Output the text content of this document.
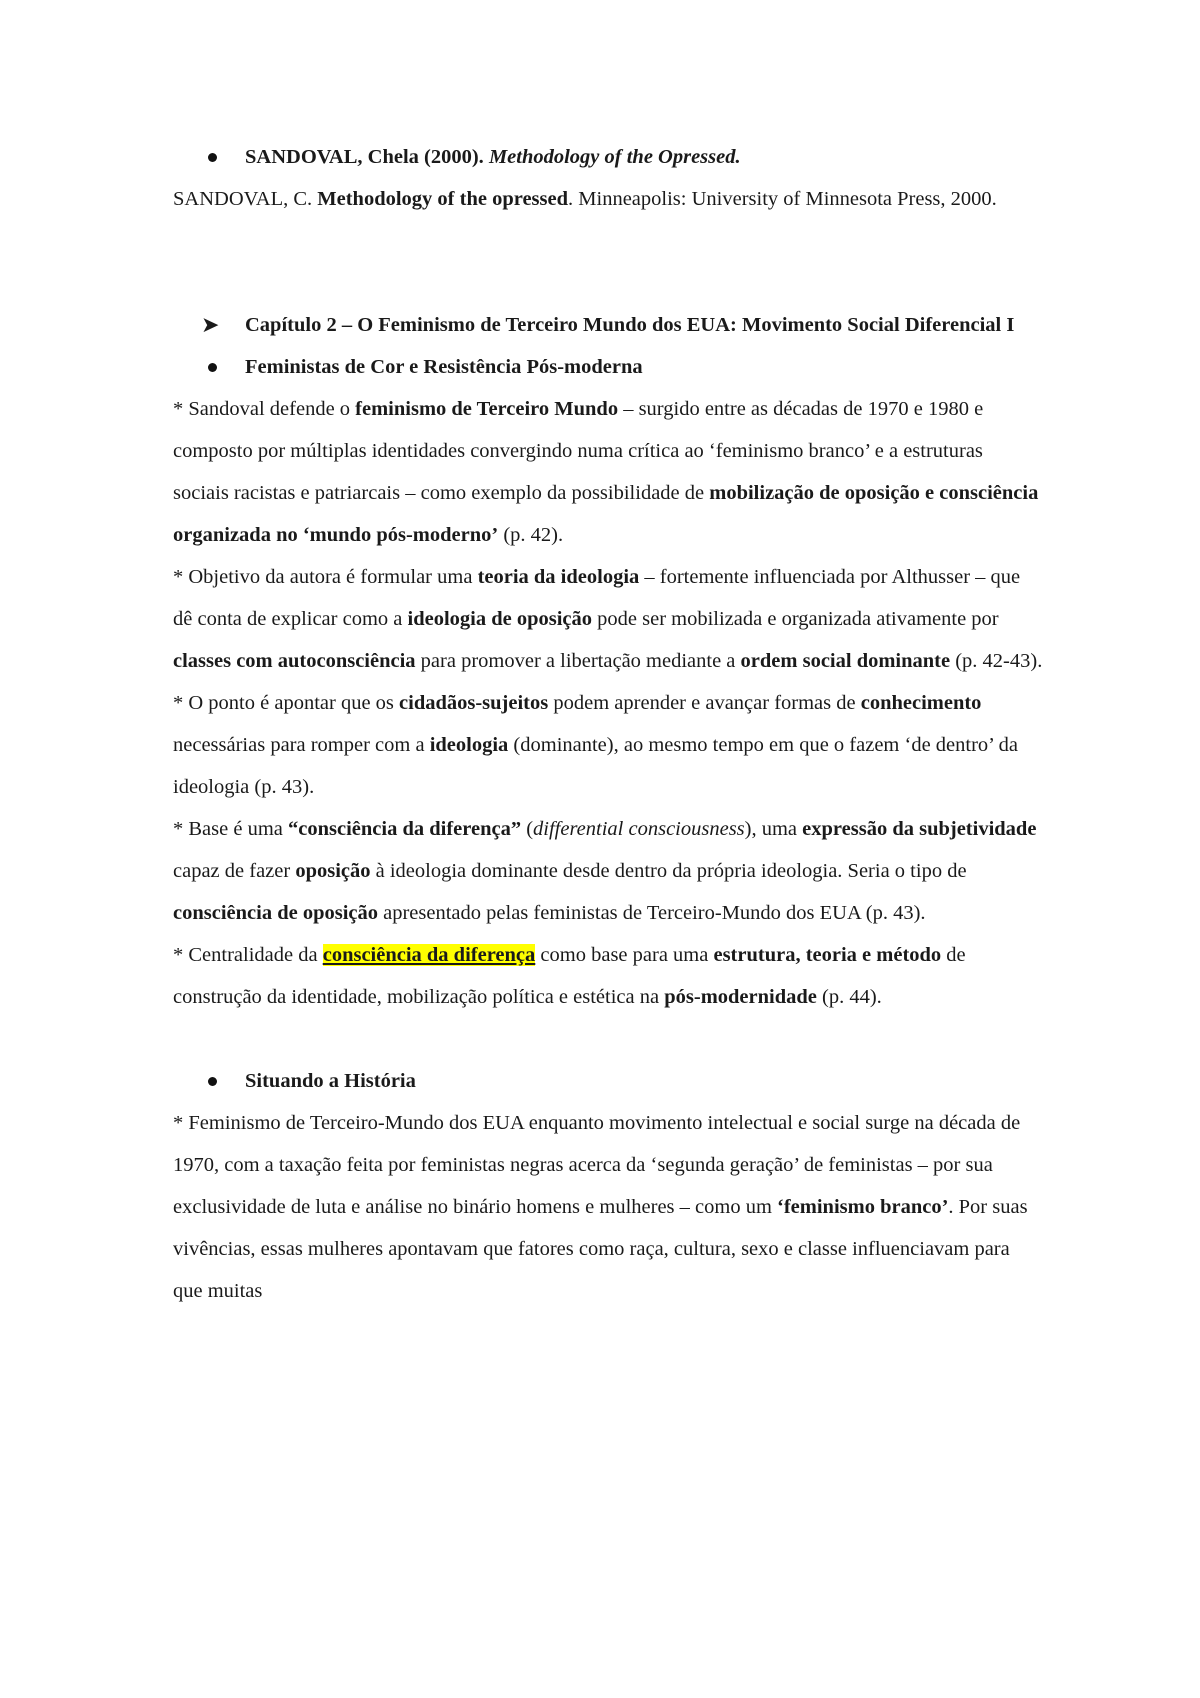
SANDOVAL, Chela (2000). Methodology of the Opressed.

SANDOVAL, C. Methodology of the opressed. Minneapolis: University of Minnesota Press, 2000.

➤ Capítulo 2 – O Feminismo de Terceiro Mundo dos EUA: Movimento Social Diferencial I

Feministas de Cor e Resistência Pós-moderna

* Sandoval defende o feminismo de Terceiro Mundo – surgido entre as décadas de 1970 e 1980 e composto por múltiplas identidades convergindo numa crítica ao ‘feminismo branco’ e a estruturas sociais racistas e patriarcais – como exemplo da possibilidade de mobilização de oposição e consciência organizada no ‘mundo pós-moderno’ (p. 42).

* Objetivo da autora é formular uma teoria da ideologia – fortemente influenciada por Althusser – que dê conta de explicar como a ideologia de oposição pode ser mobilizada e organizada ativamente por classes com autoconsciência para promover a libertação mediante a ordem social dominante (p. 42-43).

* O ponto é apontar que os cidadãos-sujeitos podem aprender e avançar formas de conhecimento necessárias para romper com a ideologia (dominante), ao mesmo tempo em que o fazem ‘de dentro’ da ideologia (p. 43).

* Base é uma “consciência da diferença” (differential consciousness), uma expressão da subjetividade capaz de fazer oposição à ideologia dominante desde dentro da própria ideologia. Seria o tipo de consciência de oposição apresentado pelas feministas de Terceiro-Mundo dos EUA (p. 43).

* Centralidade da consciência da diferença como base para uma estrutura, teoria e método de construção da identidade, mobilização política e estética na pós-modernidade (p. 44).

Situando a História

* Feminismo de Terceiro-Mundo dos EUA enquanto movimento intelectual e social surge na década de 1970, com a taxação feita por feministas negras acerca da ‘segunda geração’ de feministas – por sua exclusividade de luta e análise no binário homens e mulheres – como um ‘feminismo branco’. Por suas vivências, essas mulheres apontavam que fatores como raça, cultura, sexo e classe influenciavam para que muitas
